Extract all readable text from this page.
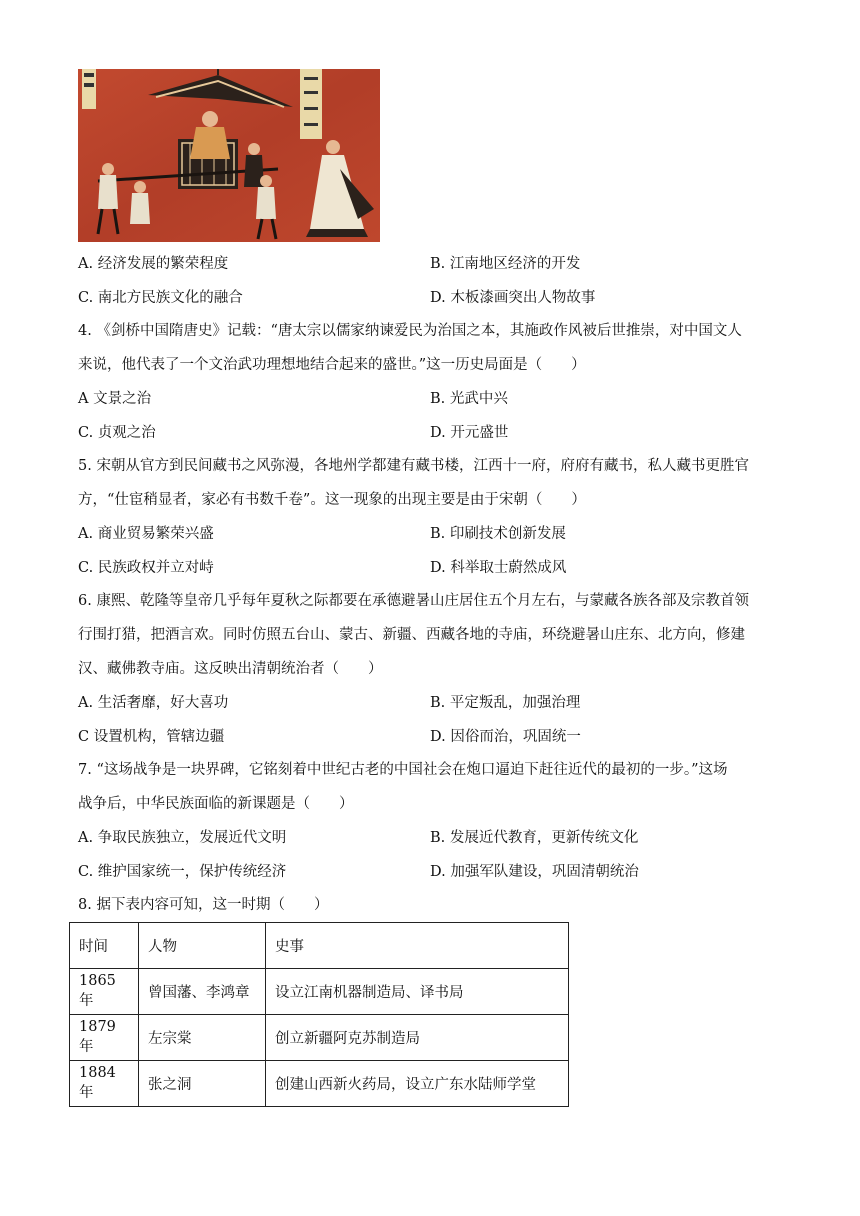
A. 经济发展的繁荣程度	B. 江南地区经济的开发
C. 南北方民族文化的融合	D. 木板漆画突出人物故事
4. 《剑桥中国隋唐史》记载：“唐太宗以儒家纳谏爱民为治国之本，其施政作风被后世推崇，对中国文人
来说，他代表了一个文治武功理想地结合起来的盛世。”这一历史局面是（　　）
A 文景之治	B. 光武中兴
C. 贞观之治	D. 开元盛世
5. 宋朝从官方到民间藏书之风弥漫，各地州学都建有藏书楼，江西十一府，府府有藏书，私人藏书更胜官
方，“仕宦稍显者，家必有书数千卷”。这一现象的出现主要是由于宋朝（　　）
A. 商业贸易繁荣兴盛	B. 印刷技术创新发展
C. 民族政权并立对峙	D. 科举取士蔚然成风
6. 康熙、乾隆等皇帝几乎每年夏秋之际都要在承德避暑山庄居住五个月左右，与蒙藏各族各部及宗教首领
行围打猎，把酒言欢。同时仿照五台山、蒙古、新疆、西藏各地的寺庙，环绕避暑山庄东、北方向，修建
汉、藏佛教寺庙。这反映出清朝统治者（　　）
A. 生活奢靡，好大喜功	B. 平定叛乱，加强治理
C 设置机构，管辖边疆	D. 因俗而治，巩固统一
7. “这场战争是一块界碑，它铭刻着中世纪古老的中国社会在炮口逼迫下赶往近代的最初的一步。”这场
战争后，中华民族面临的新课题是（　　）
A. 争取民族独立，发展近代文明	B. 发展近代教育，更新传统文化
C. 维护国家统一，保护传统经济	D. 加强军队建设，巩固清朝统治
8. 据下表内容可知，这一时期（　　）
时间	人物	史事
1865 年	曾国藩、李鸿章	设立江南机器制造局、译书局
1879 年	左宗棠	创立新疆阿克苏制造局
1884 年	张之洞	创建山西新火药局，设立广东水陆师学堂
